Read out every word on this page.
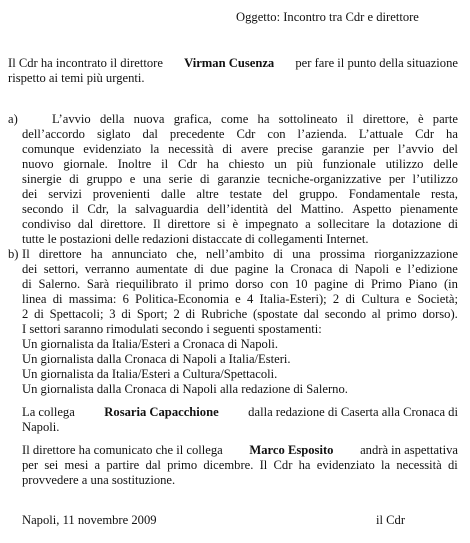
Oggetto: Incontro tra Cdr e direttore
Il Cdr ha incontrato il direttore Virman Cusenza per fare il punto della situazione
rispetto ai temi più urgenti.
a)	L’avvio della nuova grafica, come ha sottolineato il direttore, è parte
dell’accordo siglato dal precedente Cdr con l’azienda. L’attuale Cdr ha
comunque evidenziato la necessità di avere precise garanzie per l’avvio del
nuovo giornale. Inoltre il Cdr ha chiesto un più funzionale utilizzo delle
sinergie di gruppo e una serie di garanzie tecniche-organizzative per l’utilizzo
dei servizi provenienti dalle altre testate del gruppo. Fondamentale resta,
secondo il Cdr, la salvaguardia dell’identità del Mattino. Aspetto pienamente
condiviso dal direttore. Il direttore si è impegnato a sollecitare la dotazione di
tutte le postazioni delle redazioni distaccate di collegamenti Internet.
b) Il direttore ha annunciato che, nell’ambito di una prossima riorganizzazione
dei settori, verranno aumentate di due pagine la Cronaca di Napoli e l’edizione
di Salerno. Sarà riequilibrato il primo dorso con 10 pagine di Primo Piano (in
linea di massima: 6 Politica-Economia e 4 Italia-Esteri); 2 di Cultura e Società;
2 di Spettacoli; 3 di Sport; 2 di Rubriche (spostate dal secondo al primo dorso).
I settori saranno rimodulati secondo i seguenti spostamenti:
Un giornalista da Italia/Esteri a Cronaca di Napoli.
Un giornalista dalla Cronaca di Napoli a Italia/Esteri.
Un giornalista da Italia/Esteri a Cultura/Spettacoli.
Un giornalista dalla Cronaca di Napoli alla redazione di Salerno.
La collega Rosaria Capacchione dalla redazione di Caserta alla Cronaca di
Napoli.
Il direttore ha comunicato che il collega Marco Esposito andrà in aspettativa
per sei mesi a partire dal primo dicembre. Il Cdr ha evidenziato la necessità di
provvedere a una sostituzione.
Napoli, 11 novembre 2009	il Cdr
